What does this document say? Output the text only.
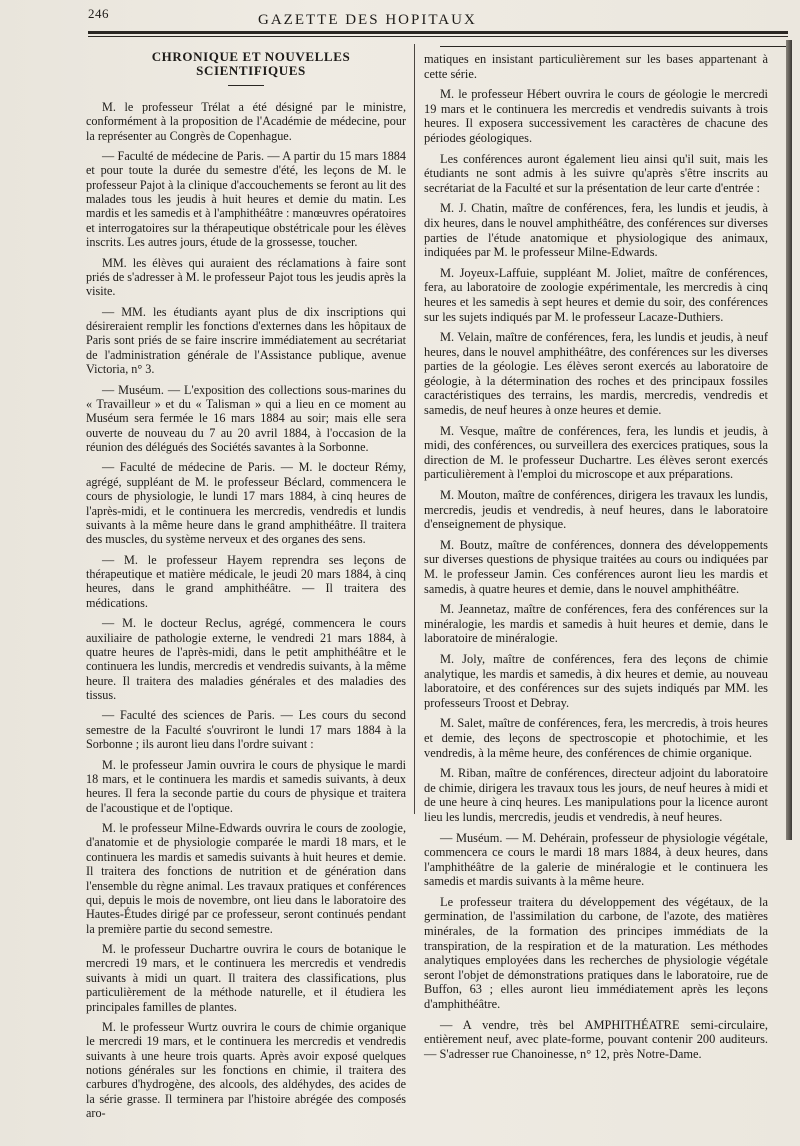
246	GAZETTE DES HOPITAUX
CHRONIQUE ET NOUVELLES SCIENTIFIQUES

M. le professeur Trélat a été désigné par le ministre, conformément à la proposition de l'Académie de médecine, pour la représenter au Congrès de Copenhague.

— Faculté de médecine de Paris. — A partir du 15 mars 1884 et pour toute la durée du semestre d'été, les leçons de M. le professeur Pajot à la clinique d'accouchements se feront au lit des malades tous les jeudis à huit heures et demie du matin. Les mardis et les samedis et à l'amphithéâtre : manœuvres opératoires et interrogatoires sur la thérapeutique obstétricale pour les élèves inscrits. Les autres jours, étude de la grossesse, toucher.

MM. les élèves qui auraient des réclamations à faire sont priés de s'adresser à M. le professeur Pajot tous les jeudis après la visite.

— MM. les étudiants ayant plus de dix inscriptions qui désireraient remplir les fonctions d'externes dans les hôpitaux de Paris sont priés de se faire inscrire immédiatement au secrétariat de l'administration générale de l'Assistance publique, avenue Victoria, n° 3.

— Muséum. — L'exposition des collections sous-marines du « Travailleur » et du « Talisman » qui a lieu en ce moment au Muséum sera fermée le 16 mars 1884 au soir; mais elle sera ouverte de nouveau du 7 au 20 avril 1884, à l'occasion de la réunion des délégués des Sociétés savantes à la Sorbonne.

— Faculté de médecine de Paris. — M. le docteur Rémy, agrégé, suppléant de M. le professeur Béclard, commencera le cours de physiologie, le lundi 17 mars 1884, à cinq heures de l'après-midi, et le continuera les mercredis, vendredis et lundis suivants à la même heure dans le grand amphithéâtre. Il traitera des muscles, du système nerveux et des organes des sens.

— M. le professeur Hayem reprendra ses leçons de thérapeutique et matière médicale, le jeudi 20 mars 1884, à cinq heures, dans le grand amphithéâtre. — Il traitera des médications.

— M. le docteur Reclus, agrégé, commencera le cours auxiliaire de pathologie externe, le vendredi 21 mars 1884, à quatre heures de l'après-midi, dans le petit amphithéâtre et le continuera les lundis, mercredis et vendredis suivants, à la même heure. Il traitera des maladies générales et des maladies des tissus.

— Faculté des sciences de Paris. — Les cours du second semestre de la Faculté s'ouvriront le lundi 17 mars 1884 à la Sorbonne ; ils auront lieu dans l'ordre suivant :

M. le professeur Jamin ouvrira le cours de physique le mardi 18 mars, et le continuera les mardis et samedis suivants, à deux heures. Il fera la seconde partie du cours de physique et traitera de l'acoustique et de l'optique.

M. le professeur Milne-Edwards ouvrira le cours de zoologie, d'anatomie et de physiologie comparée le mardi 18 mars, et le continuera les mardis et samedis suivants à huit heures et demie. Il traitera des fonctions de nutrition et de génération dans l'ensemble du règne animal. Les travaux pratiques et conférences qui, depuis le mois de novembre, ont lieu dans le laboratoire des Hautes-Études dirigé par ce professeur, seront continués pendant la première partie du second semestre.

M. le professeur Duchartre ouvrira le cours de botanique le mercredi 19 mars, et le continuera les mercredis et vendredis suivants à midi un quart. Il traitera des classifications, plus particulièrement de la méthode naturelle, et il étudiera les principales familles de plantes.

M. le professeur Wurtz ouvrira le cours de chimie organique le mercredi 19 mars, et le continuera les mercredis et vendredis suivants à une heure trois quarts. Après avoir exposé quelques notions générales sur les fonctions en chimie, il traitera des carbures d'hydrogène, des alcools, des aldéhydes, des acides de la série grasse. Il terminera par l'histoire abrégée des composés aro-

matiques en insistant particulièrement sur les bases appartenant à cette série.

M. le professeur Hébert ouvrira le cours de géologie le mercredi 19 mars et le continuera les mercredis et vendredis suivants à trois heures. Il exposera successivement les caractères de chacune des périodes géologiques.

Les conférences auront également lieu ainsi qu'il suit, mais les étudiants ne sont admis à les suivre qu'après s'être inscrits au secrétariat de la Faculté et sur la présentation de leur carte d'entrée :

M. J. Chatin, maître de conférences, fera, les lundis et jeudis, à dix heures, dans le nouvel amphithéâtre, des conférences sur diverses parties de l'étude anatomique et physiologique des animaux, indiquées par M. le professeur Milne-Edwards.

M. Joyeux-Laffuie, suppléant M. Joliet, maître de conférences, fera, au laboratoire de zoologie expérimentale, les mercredis à cinq heures et les samedis à sept heures et demie du soir, des conférences sur les sujets indiqués par M. le professeur Lacaze-Duthiers.

M. Velain, maître de conférences, fera, les lundis et jeudis, à neuf heures, dans le nouvel amphithéâtre, des conférences sur les diverses parties de la géologie. Les élèves seront exercés au laboratoire de géologie, à la détermination des roches et des principaux fossiles caractéristiques des terrains, les mardis, mercredis, vendredis et samedis, de neuf heures à onze heures et demie.

M. Vesque, maître de conférences, fera, les lundis et jeudis, à midi, des conférences, ou surveillera des exercices pratiques, sous la direction de M. le professeur Duchartre. Les élèves seront exercés particulièrement à l'emploi du microscope et aux préparations.

M. Mouton, maître de conférences, dirigera les travaux les lundis, mercredis, jeudis et vendredis, à neuf heures, dans le laboratoire d'enseignement de physique.

M. Boutz, maître de conférences, donnera des développements sur diverses questions de physique traitées au cours ou indiquées par M. le professeur Jamin. Ces conférences auront lieu les mardis et samedis, à quatre heures et demie, dans le nouvel amphithéâtre.

M. Jeannetaz, maître de conférences, fera des conférences sur la minéralogie, les mardis et samedis à huit heures et demie, dans le laboratoire de minéralogie.

M. Joly, maître de conférences, fera des leçons de chimie analytique, les mardis et samedis, à dix heures et demie, au nouveau laboratoire, et des conférences sur des sujets indiqués par MM. les professeurs Troost et Debray.

M. Salet, maître de conférences, fera, les mercredis, à trois heures et demie, des leçons de spectroscopie et photochimie, et les vendredis, à la même heure, des conférences de chimie organique.

M. Riban, maître de conférences, directeur adjoint du laboratoire de chimie, dirigera les travaux tous les jours, de neuf heures à midi et de une heure à cinq heures. Les manipulations pour la licence auront lieu les lundis, mercredis, jeudis et vendredis, à neuf heures.

— Muséum. — M. Dehérain, professeur de physiologie végétale, commencera ce cours le mardi 18 mars 1884, à deux heures, dans l'amphithéâtre de la galerie de minéralogie et le continuera les samedis et mardis suivants à la même heure.

Le professeur traitera du développement des végétaux, de la germination, de l'assimilation du carbone, de l'azote, des matières minérales, de la formation des principes immédiats de la transpiration, de la respiration et de la maturation. Les méthodes analytiques employées dans les recherches de physiologie végétale seront l'objet de démonstrations pratiques dans le laboratoire, rue de Buffon, 63 ; elles auront lieu immédiatement après les leçons d'amphithéâtre.

— A vendre, très bel AMPHITHÉATRE semi-circulaire, entièrement neuf, avec plate-forme, pouvant contenir 200 auditeurs. — S'adresser rue Chanoinesse, n° 12, près Notre-Dame.
